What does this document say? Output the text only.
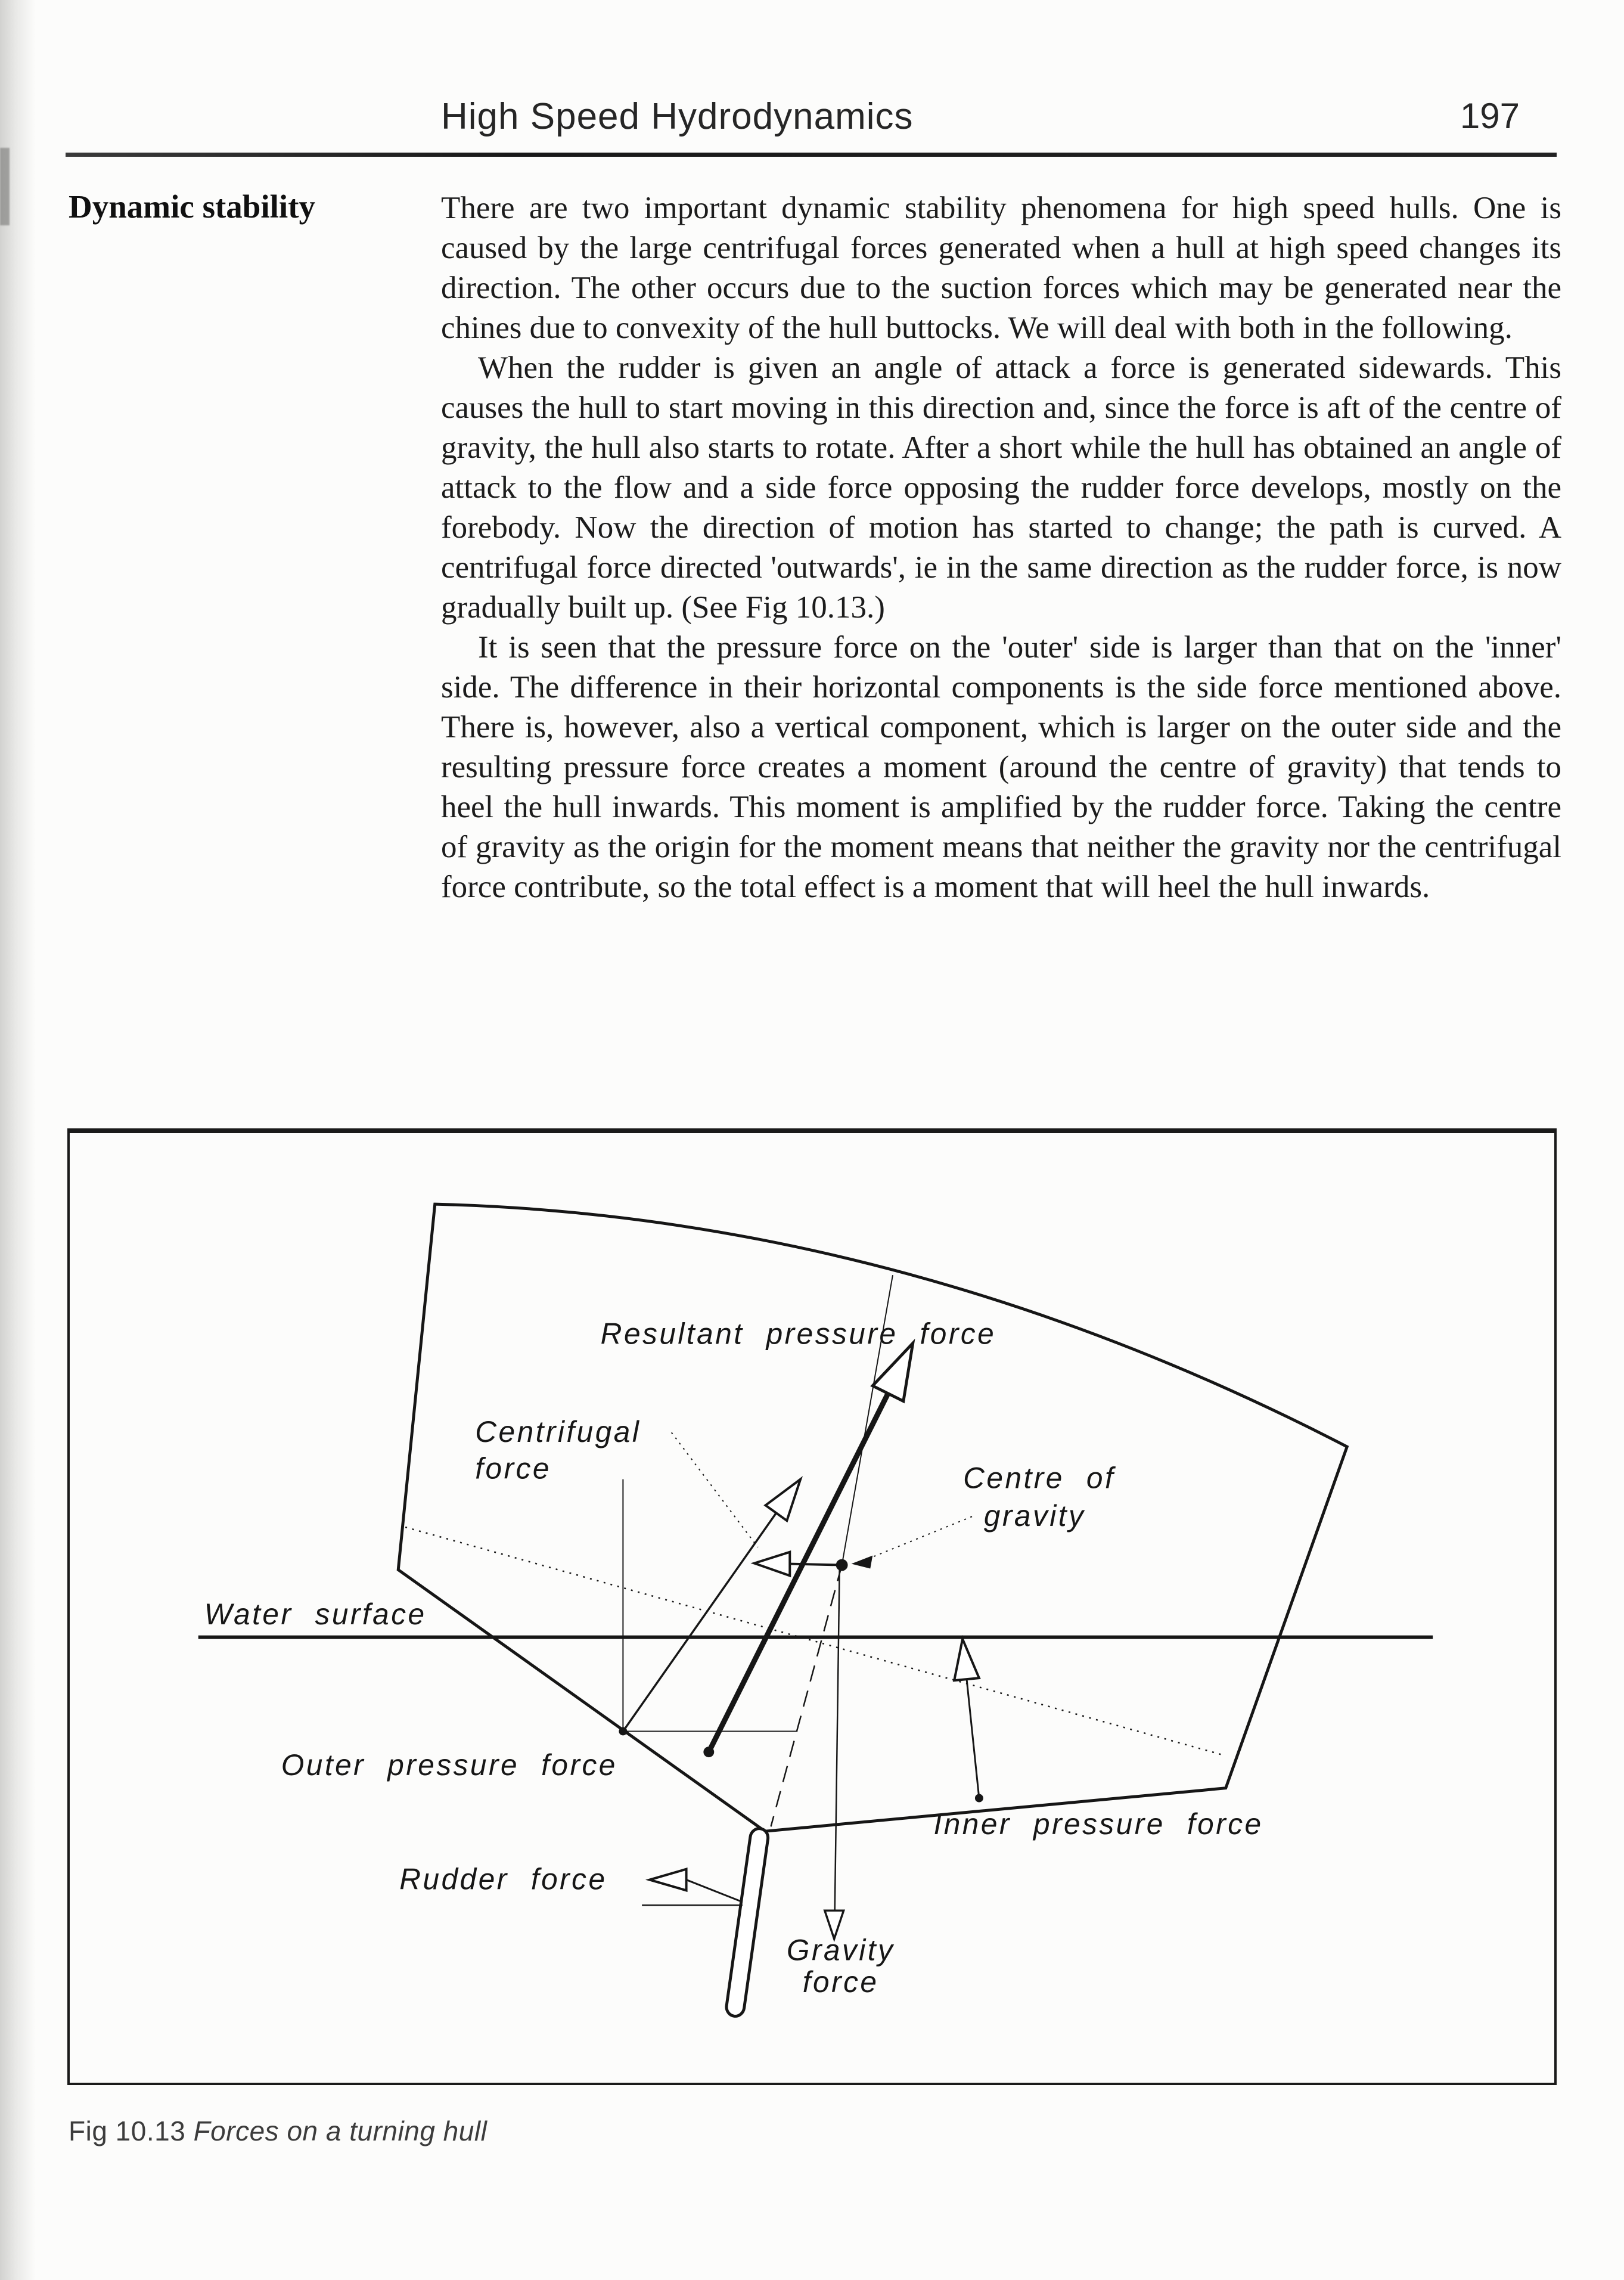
High Speed Hydrodynamics	197
Dynamic stability	There are two important dynamic stability phenomena for high speed hulls. One is caused by the large centrifugal forces generated when a hull at high speed changes its direction. The other occurs due to the suction forces which may be generated near the chines due to convexity of the hull buttocks. We will deal with both in the following.

When the rudder is given an angle of attack a force is generated sidewards. This causes the hull to start moving in this direction and, since the force is aft of the centre of gravity, the hull also starts to rotate. After a short while the hull has obtained an angle of attack to the flow and a side force opposing the rudder force develops, mostly on the forebody. Now the direction of motion has started to change; the path is curved. A centrifugal force directed 'outwards', ie in the same direction as the rudder force, is now gradually built up. (See Fig 10.13.)

It is seen that the pressure force on the 'outer' side is larger than that on the 'inner' side. The difference in their horizontal components is the side force mentioned above. There is, however, also a vertical component, which is larger on the outer side and the resulting pressure force creates a moment (around the centre of gravity) that tends to heel the hull inwards. This moment is amplified by the rudder force. Taking the centre of gravity as the origin for the moment means that neither the gravity nor the centrifugal force contribute, so the total effect is a moment that will heel the hull inwards.

Resultant pressure force
Centrifugal
force	Centre of
gravity
Water surface
Outer pressure force
Inner pressure force
Rudder force
Gravity
force
Fig 10.13 Forces on a turning hull
